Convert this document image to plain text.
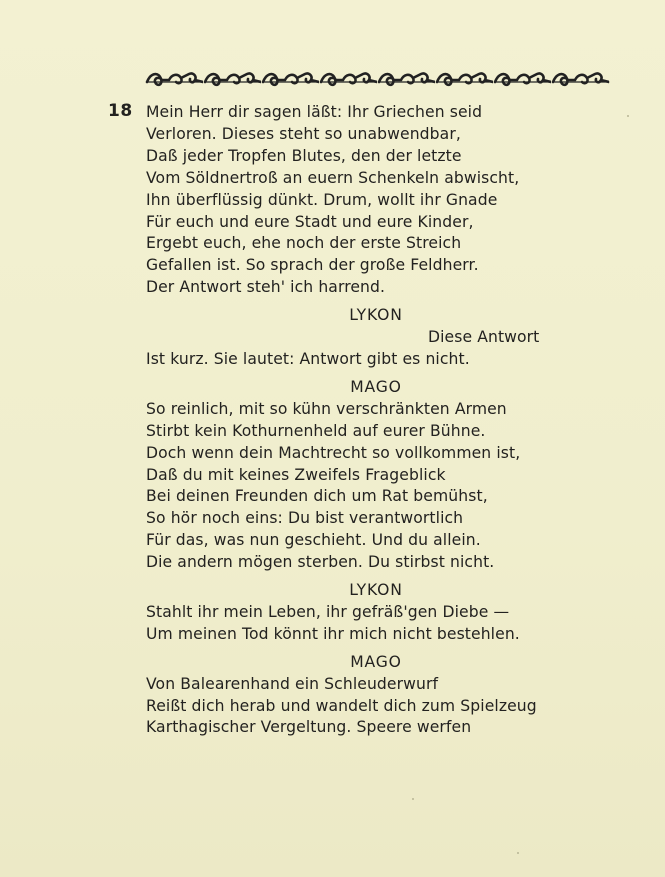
18 Mein Herr dir sagen läßt: Ihr Griechen seid
Verloren. Dieses steht so unabwendbar,
Daß jeder Tropfen Blutes, den der letzte
Vom Söldnertroß an euern Schenkeln abwischt,
Ihn überflüssig dünkt. Drum, wollt ihr Gnade
Für euch und eure Stadt und eure Kinder,
Ergebt euch, ehe noch der erste Streich
Gefallen ist. So sprach der große Feldherr.
Der Antwort steh' ich harrend.
LYKON
Diese Antwort
Ist kurz. Sie lautet: Antwort gibt es nicht.
MAGO
So reinlich, mit so kühn verschränkten Armen
Stirbt kein Kothurnenheld auf eurer Bühne.
Doch wenn dein Machtrecht so vollkommen ist,
Daß du mit keines Zweifels Frageblick
Bei deinen Freunden dich um Rat bemühst,
So hör noch eins: Du bist verantwortlich
Für das, was nun geschieht. Und du allein.
Die andern mögen sterben. Du stirbst nicht.
LYKON
Stahlt ihr mein Leben, ihr gefräß'gen Diebe —
Um meinen Tod könnt ihr mich nicht bestehlen.
MAGO
Von Balearenhand ein Schleuderwurf
Reißt dich herab und wandelt dich zum Spielzeug
Karthagischer Vergeltung. Speere werfen
